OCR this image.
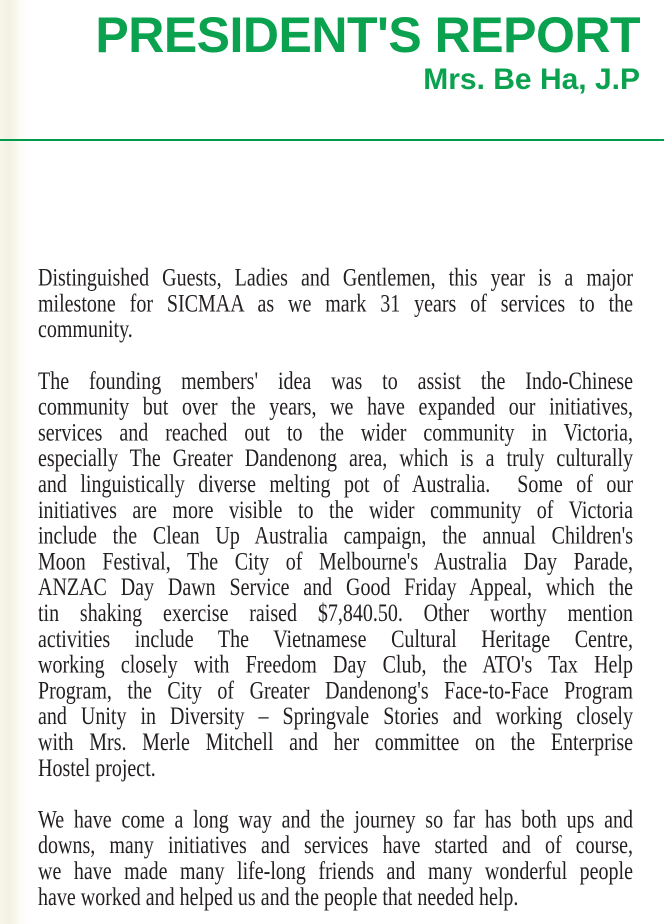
PRESIDENT'S REPORT
Mrs. Be Ha, J.P
Distinguished Guests, Ladies and Gentlemen, this year is a major
milestone for SICMAA as we mark 31 years of services to the
community.
The founding members' idea was to assist the Indo-Chinese
community but over the years, we have expanded our initiatives,
services and reached out to the wider community in Victoria,
especially The Greater Dandenong area, which is a truly culturally
and linguistically diverse melting pot of Australia.  Some of our
initiatives are more visible to the wider community of Victoria
include the Clean Up Australia campaign, the annual Children's
Moon Festival, The City of Melbourne's Australia Day Parade,
ANZAC Day Dawn Service and Good Friday Appeal, which the
tin shaking exercise raised $7,840.50. Other worthy mention
activities include The Vietnamese Cultural Heritage Centre,
working closely with Freedom Day Club, the ATO's Tax Help
Program, the City of Greater Dandenong's Face-to-Face Program
and Unity in Diversity – Springvale Stories and working closely
with Mrs. Merle Mitchell and her committee on the Enterprise
Hostel project.
We have come a long way and the journey so far has both ups and
downs, many initiatives and services have started and of course,
we have made many life-long friends and many wonderful people
have worked and helped us and the people that needed help.
